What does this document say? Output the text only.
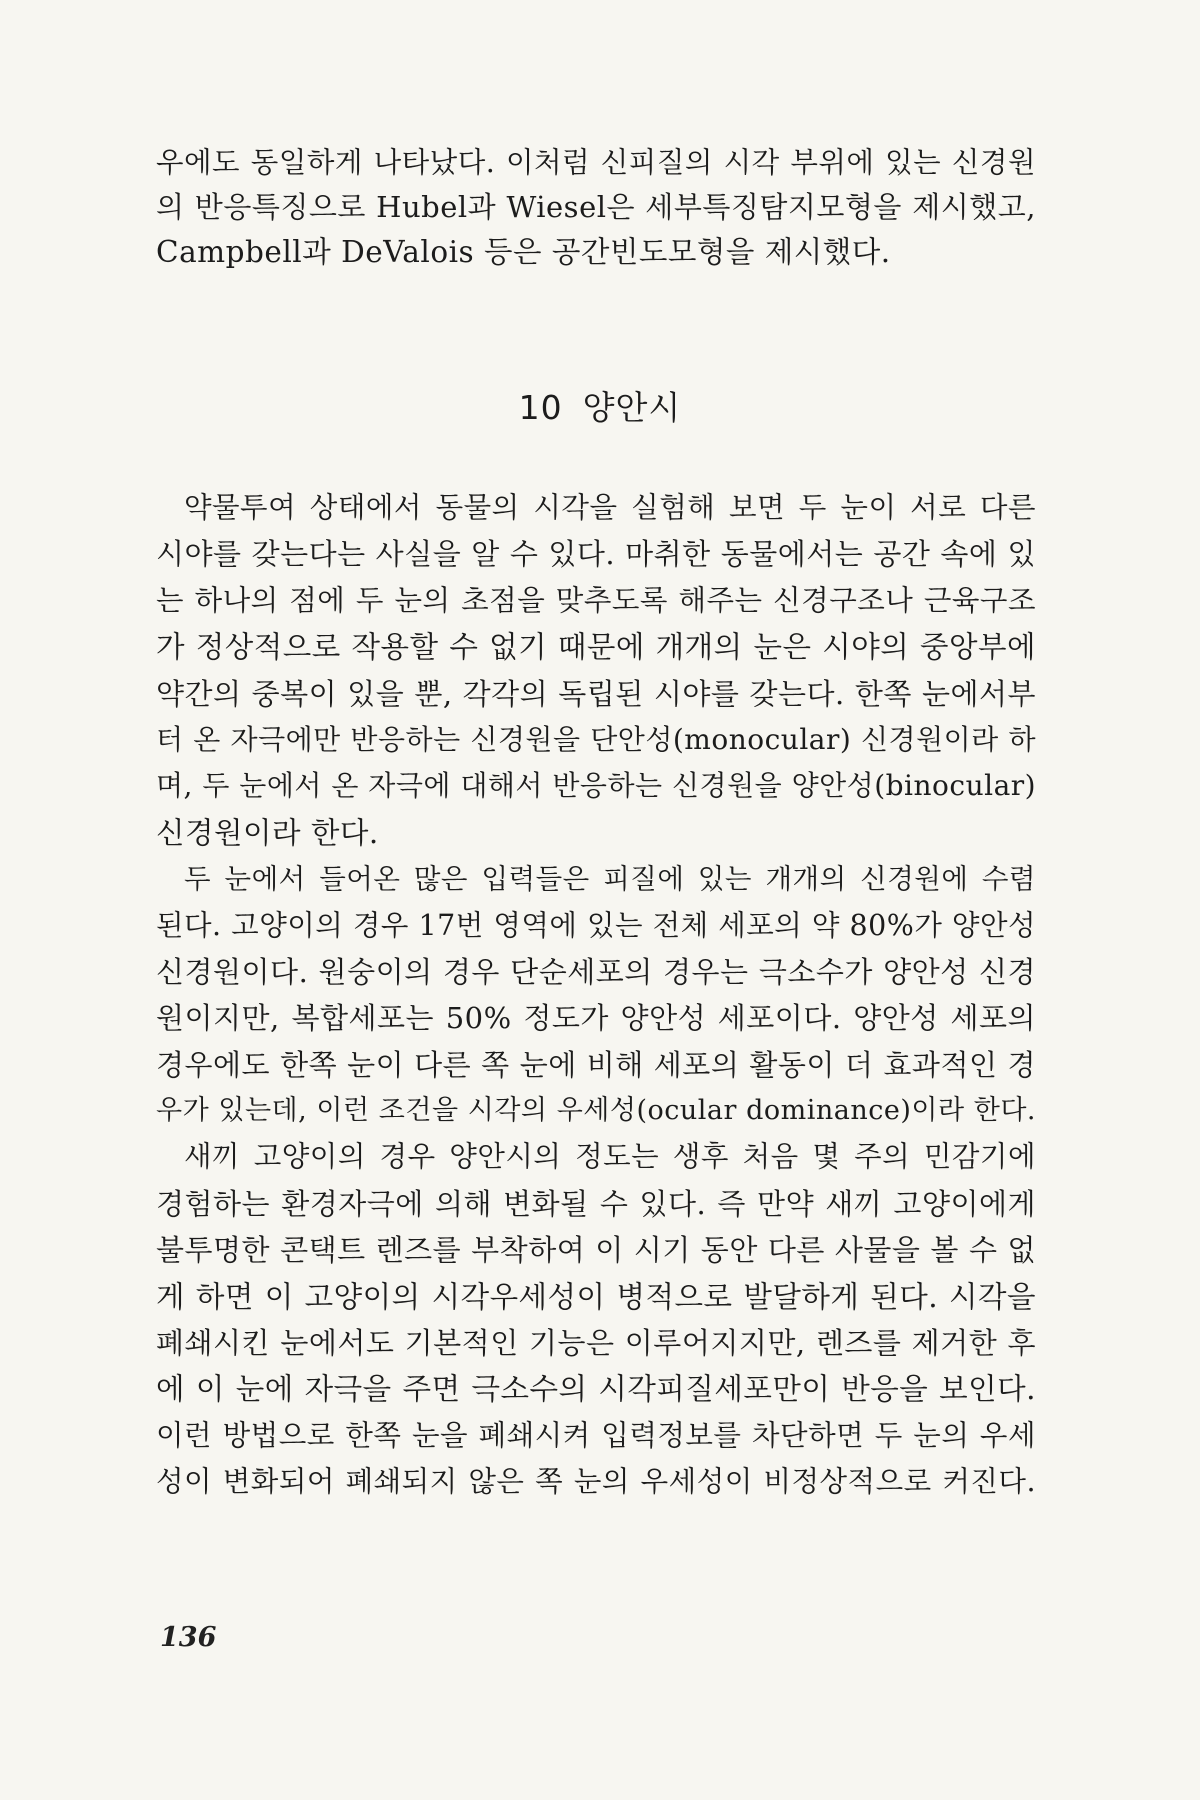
우에도 동일하게 나타났다. 이처럼 신피질의 시각 부위에 있는 신경원
의 반응특징으로 Hubel과 Wiesel은 세부특징탐지모형을 제시했고,
Campbell과 DeValois 등은 공간빈도모형을 제시했다.
10 양안시
약물투여 상태에서 동물의 시각을 실험해 보면 두 눈이 서로 다른
시야를 갖는다는 사실을 알 수 있다. 마취한 동물에서는 공간 속에 있
는 하나의 점에 두 눈의 초점을 맞추도록 해주는 신경구조나 근육구조
가 정상적으로 작용할 수 없기 때문에 개개의 눈은 시야의 중앙부에
약간의 중복이 있을 뿐, 각각의 독립된 시야를 갖는다. 한쪽 눈에서부
터 온 자극에만 반응하는 신경원을 단안성(monocular) 신경원이라 하
며, 두 눈에서 온 자극에 대해서 반응하는 신경원을 양안성(binocular)
신경원이라 한다.
두 눈에서 들어온 많은 입력들은 피질에 있는 개개의 신경원에 수렴
된다. 고양이의 경우 17번 영역에 있는 전체 세포의 약 80%가 양안성
신경원이다. 원숭이의 경우 단순세포의 경우는 극소수가 양안성 신경
원이지만, 복합세포는 50% 정도가 양안성 세포이다. 양안성 세포의
경우에도 한쪽 눈이 다른 쪽 눈에 비해 세포의 활동이 더 효과적인 경
우가 있는데, 이런 조건을 시각의 우세성(ocular dominance)이라 한다.
새끼 고양이의 경우 양안시의 정도는 생후 처음 몇 주의 민감기에
경험하는 환경자극에 의해 변화될 수 있다. 즉 만약 새끼 고양이에게
불투명한 콘택트 렌즈를 부착하여 이 시기 동안 다른 사물을 볼 수 없
게 하면 이 고양이의 시각우세성이 병적으로 발달하게 된다. 시각을
폐쇄시킨 눈에서도 기본적인 기능은 이루어지지만, 렌즈를 제거한 후
에 이 눈에 자극을 주면 극소수의 시각피질세포만이 반응을 보인다.
이런 방법으로 한쪽 눈을 폐쇄시켜 입력정보를 차단하면 두 눈의 우세
성이 변화되어 폐쇄되지 않은 쪽 눈의 우세성이 비정상적으로 커진다.
136
